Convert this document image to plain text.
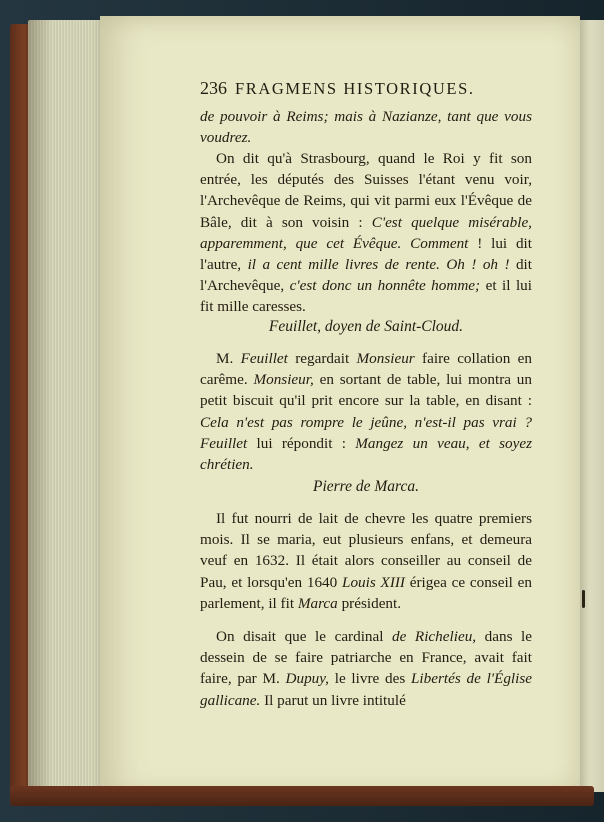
236 FRAGMENS HISTORIQUES.

de pouvoir à Reims; mais à Nazianze, tant que vous voudrez.

On dit qu'à Strasbourg, quand le Roi y fit son entrée, les députés des Suisses l'étant venu voir, l'Archevêque de Reims, qui vit parmi eux l'Évêque de Bâle, dit à son voisin : C'est quelque misérable, apparemment, que cet Évêque. Comment ! lui dit l'autre, il a cent mille livres de rente. Oh ! oh ! dit l'Archevêque, c'est donc un honnête homme; et il lui fit mille caresses.

Feuillet, doyen de Saint-Cloud.

M. Feuillet regardait Monsieur faire collation en carême. Monsieur, en sortant de table, lui montra un petit biscuit qu'il prit encore sur la table, en disant : Cela n'est pas rompre le jeûne, n'est-il pas vrai ? Feuillet lui répondit : Mangez un veau, et soyez chrétien.

Pierre de Marca.

Il fut nourri de lait de chevre les quatre premiers mois. Il se maria, eut plusieurs enfans, et demeura veuf en 1632. Il était alors conseiller au conseil de Pau, et lorsqu'en 1640 Louis XIII érigea ce conseil en parlement, il fit Marca président.

On disait que le cardinal de Richelieu, dans le dessein de se faire patriarche en France, avait fait faire, par M. Dupuy, le livre des Libertés de l'Église gallicane. Il parut un livre intitulé
